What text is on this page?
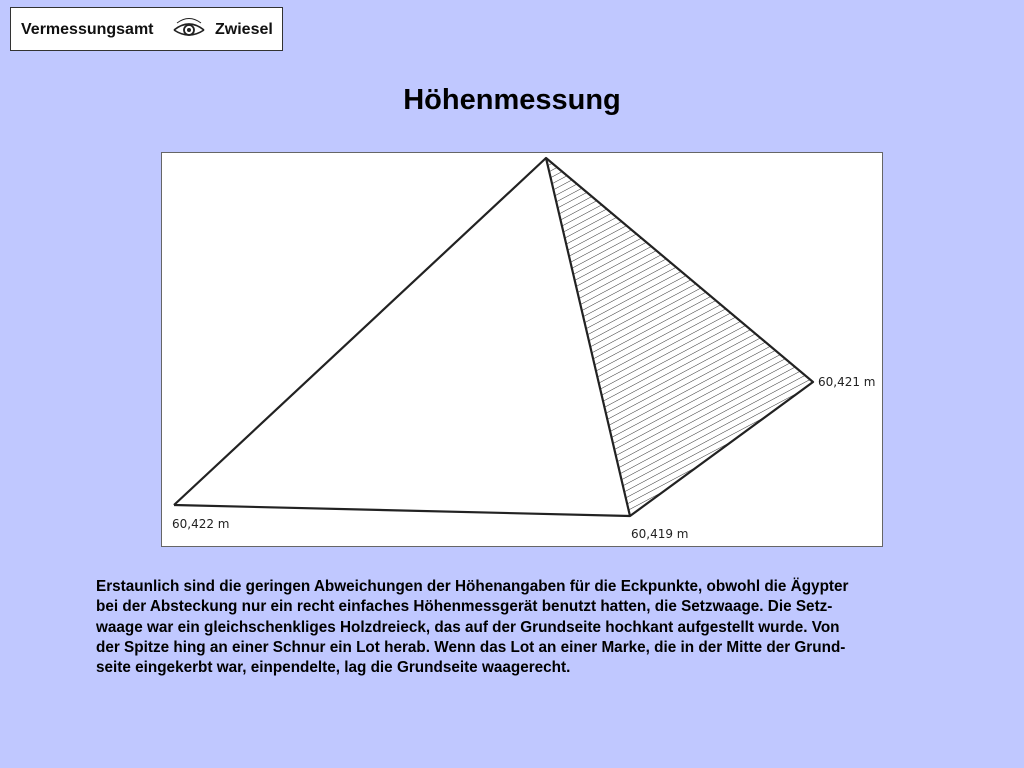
Vermessungsamt	Zwiesel
Höhenmessung
60,422 m
60,419 m
60,421 m

Erstaunlich sind die geringen Abweichungen der Höhenangaben für die Eckpunkte, obwohl die Ägypter

bei der Absteckung nur ein recht einfaches Höhenmessgerät benutzt hatten, die Setzwaage. Die Setz-

waage war ein gleichschenkliges Holzdreieck, das auf der Grundseite hochkant aufgestellt wurde. Von

der Spitze hing an einer Schnur ein Lot herab. Wenn das Lot an einer Marke, die in der Mitte der Grund-

seite eingekerbt war, einpendelte, lag die Grundseite waagerecht.
